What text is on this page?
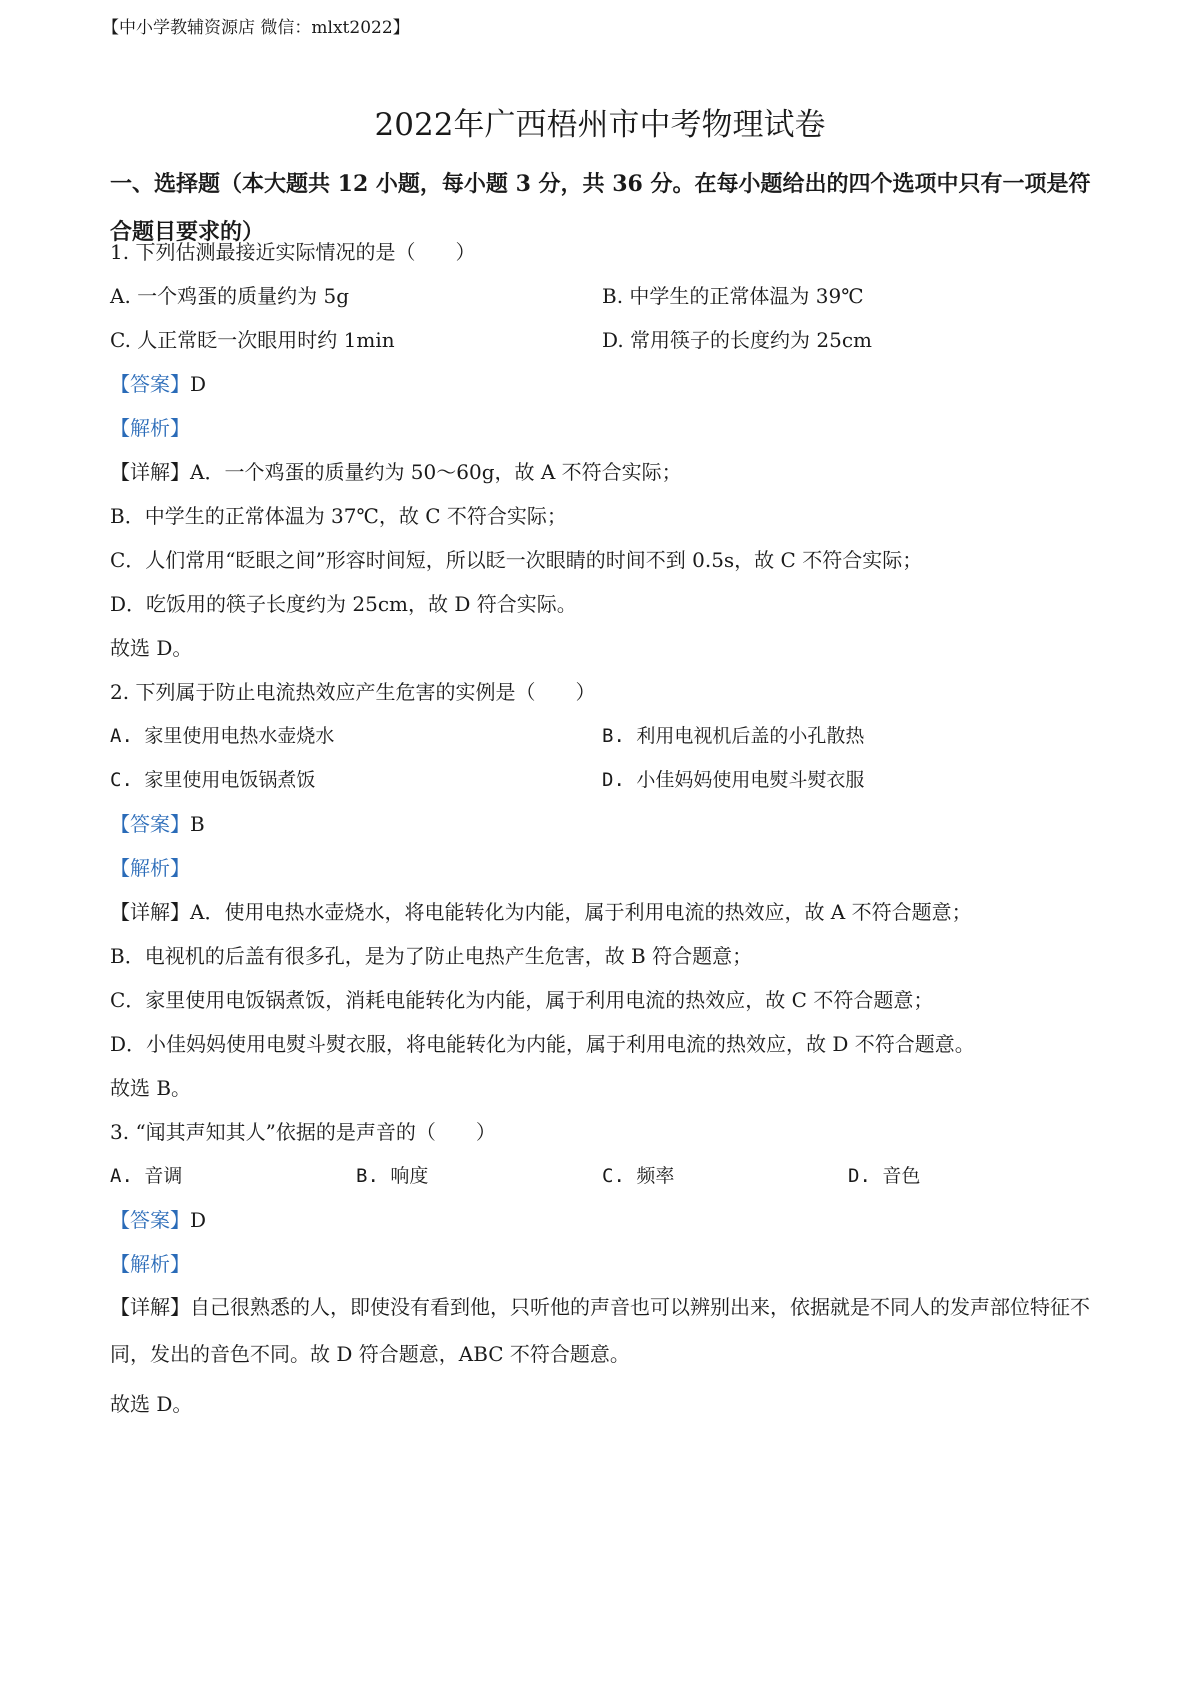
【中小学教辅资源店 微信：mlxt2022】
2022年广西梧州市中考物理试卷
一、选择题（本大题共 12 小题，每小题 3 分，共 36 分。在每小题给出的四个选项中只有一项是符合题目要求的）
1. 下列估测最接近实际情况的是（　　）
A. 一个鸡蛋的质量约为 5g	B. 中学生的正常体温为 39℃
C. 人正常眨一次眼用时约 1min	D. 常用筷子的长度约为 25cm
【答案】D
【解析】
【详解】A．一个鸡蛋的质量约为 50～60g，故 A 不符合实际；
B．中学生的正常体温为 37℃，故 C 不符合实际；
C．人们常用“眨眼之间”形容时间短，所以眨一次眼睛的时间不到 0.5s，故 C 不符合实际；
D．吃饭用的筷子长度约为 25cm，故 D 符合实际。
故选 D。
2. 下列属于防止电流热效应产生危害的实例是（　　）
A. 家里使用电热水壶烧水	B. 利用电视机后盖的小孔散热
C. 家里使用电饭锅煮饭	D. 小佳妈妈使用电熨斗熨衣服
【答案】B
【解析】
【详解】A．使用电热水壶烧水，将电能转化为内能，属于利用电流的热效应，故 A 不符合题意；
B．电视机的后盖有很多孔，是为了防止电热产生危害，故 B 符合题意；
C．家里使用电饭锅煮饭，消耗电能转化为内能，属于利用电流的热效应，故 C 不符合题意；
D．小佳妈妈使用电熨斗熨衣服，将电能转化为内能，属于利用电流的热效应，故 D 不符合题意。
故选 B。
3. “闻其声知其人”依据的是声音的（　　）
A. 音调	B. 响度	C. 频率	D. 音色
【答案】D
【解析】
【详解】自己很熟悉的人，即使没有看到他，只听他的声音也可以辨别出来，依据就是不同人的发声部位特征不同，发出的音色不同。故 D 符合题意，ABC 不符合题意。
故选 D。
